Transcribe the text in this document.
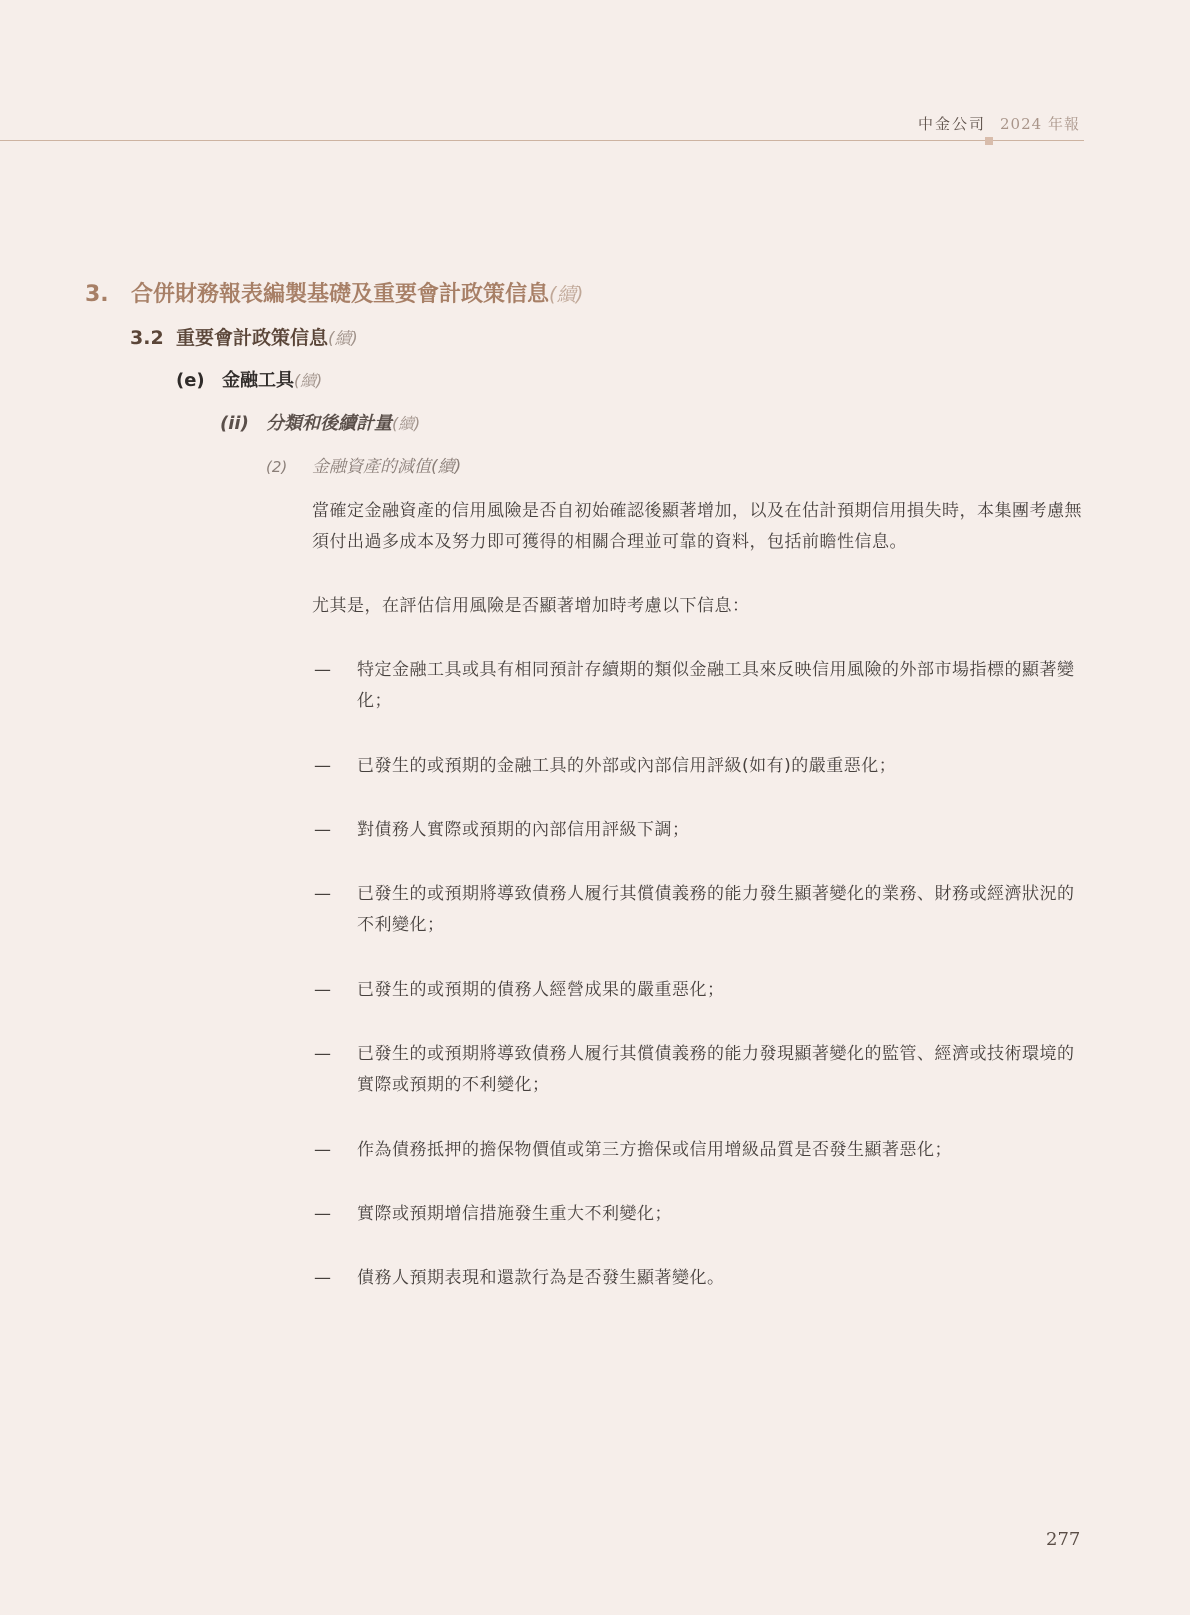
中金公司 2024 年報
3. 合併財務報表編製基礎及重要會計政策信息(續)
3.2 重要會計政策信息(續)
(e) 金融工具(續)
(ii) 分類和後續計量(續)
(2) 金融資產的減值(續)
當確定金融資產的信用風險是否自初始確認後顯著增加，以及在估計預期信用損失時，本集團考慮無須付出過多成本及努力即可獲得的相關合理並可靠的資料，包括前瞻性信息。
尤其是，在評估信用風險是否顯著增加時考慮以下信息：
— 特定金融工具或具有相同預計存續期的類似金融工具來反映信用風險的外部市場指標的顯著變化；
— 已發生的或預期的金融工具的外部或內部信用評級(如有)的嚴重惡化；
— 對債務人實際或預期的內部信用評級下調；
— 已發生的或預期將導致債務人履行其償債義務的能力發生顯著變化的業務、財務或經濟狀況的不利變化；
— 已發生的或預期的債務人經營成果的嚴重惡化；
— 已發生的或預期將導致債務人履行其償債義務的能力發現顯著變化的監管、經濟或技術環境的實際或預期的不利變化；
— 作為債務抵押的擔保物價值或第三方擔保或信用增級品質是否發生顯著惡化；
— 實際或預期增信措施發生重大不利變化；
— 債務人預期表現和還款行為是否發生顯著變化。
277
